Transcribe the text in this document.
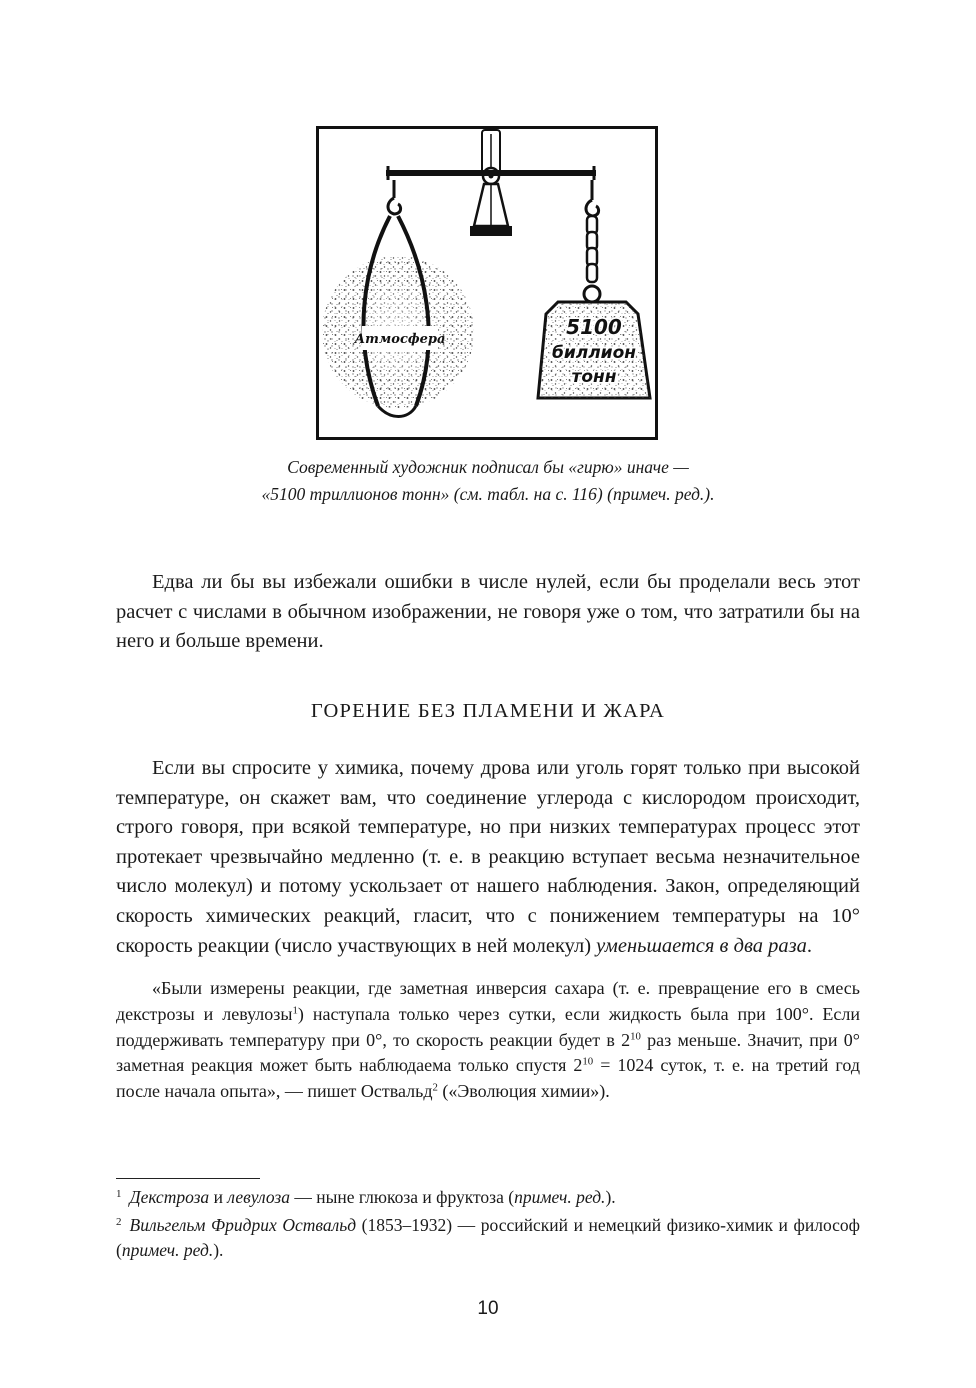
Атмосфера
5100
биллион
тонн
Современный художник подписал бы «гирю» иначе —
«5100 триллионов тонн» (см. табл. на с. 116) (примеч. ред.).

Едва ли бы вы избежали ошибки в числе нулей, если бы проделали весь этот расчет с числами в обычном изображении, не говоря уже о том, что затратили бы на него и больше времени.

ГОРЕНИЕ БЕЗ ПЛАМЕНИ И ЖАРА

Если вы спросите у химика, почему дрова или уголь горят только при высокой температуре, он скажет вам, что соединение углерода с кислородом происходит, строго говоря, при всякой температуре, но при низких температурах процесс этот протекает чрезвычайно медленно (т. е. в реакцию вступает весьма незначительное число молекул) и потому ускользает от нашего наблюдения. Закон, определяющий скорость химических реакций, гласит, что с понижением температуры на 10° скорость реакции (число участвующих в ней молекул) уменьшается в два раза.

«Были измерены реакции, где заметная инверсия сахара (т. е. превращение его в смесь декстрозы и левулозы$^1$) наступала только через сутки, если жидкость была при 100°. Если поддерживать температуру при 0°, то скорость реакции будет в $2^{10}$ раз меньше. Значит, при 0° заметная реакция может быть наблюдаема только спустя $2^{10} = 1024$ суток, т. е. на третий год после начала опыта», — пишет Оствальд$^2$ («Эволюция химии»).

$^1$ Декстроза и левулоза — ныне глюкоза и фруктоза (примеч. ред.).

$^2$ Вильгельм Фридрих Оствальд (1853–1932) — российский и немецкий физико-химик и философ (примеч. ред.).

10
